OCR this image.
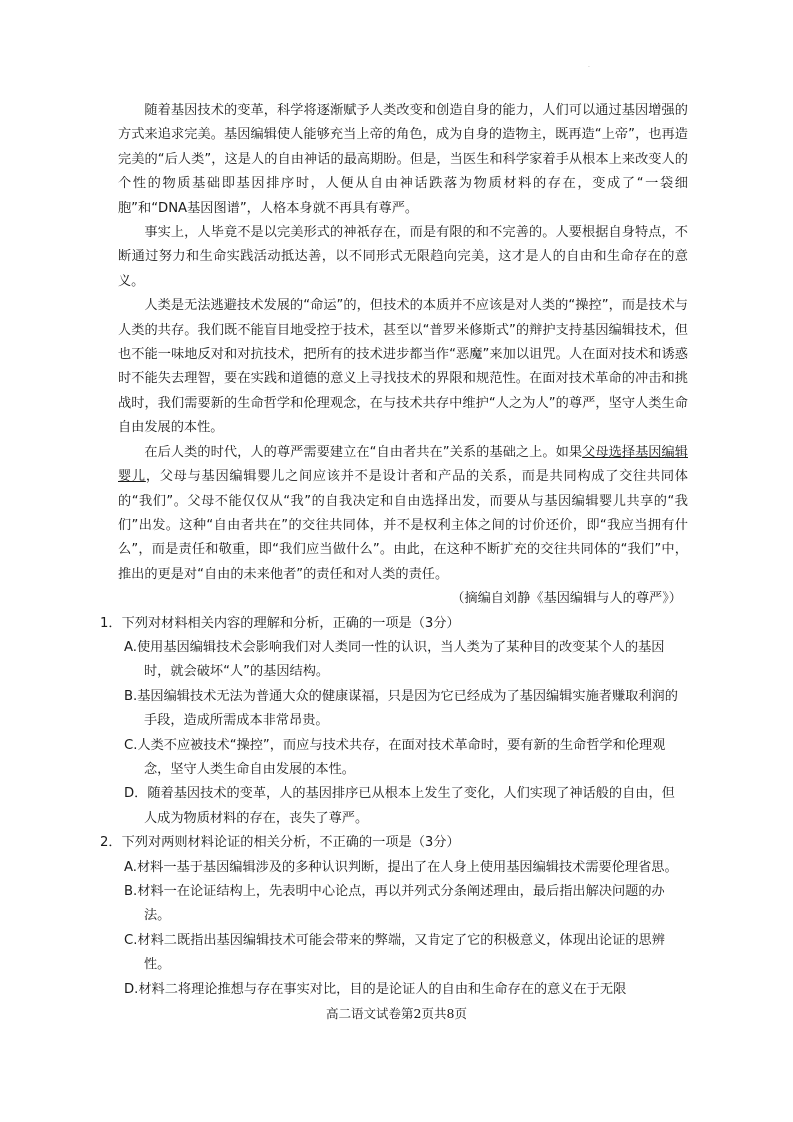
.

随着基因技术的变革，科学将逐渐赋予人类改变和创造自身的能力，人们可以通过基因增强的方式来追求完美。基因编辑使人能够充当上帝的角色，成为自身的造物主，既再造“上帝”，也再造完美的“后人类”，这是人的自由神话的最高期盼。但是，当医生和科学家着手从根本上来改变人的个性的物质基础即基因排序时，人便从自由神话跌落为物质材料的存在，变成了“一袋细胞”和“DNA基因图谱”，人格本身就不再具有尊严。

事实上，人毕竟不是以完美形式的神祇存在，而是有限的和不完善的。人要根据自身特点，不断通过努力和生命实践活动抵达善，以不同形式无限趋向完美，这才是人的自由和生命存在的意义。

人类是无法逃避技术发展的“命运”的，但技术的本质并不应该是对人类的“操控”，而是技术与人类的共存。我们既不能盲目地受控于技术，甚至以“普罗米修斯式”的辩护支持基因编辑技术，但也不能一味地反对和对抗技术，把所有的技术进步都当作“恶魔”来加以诅咒。人在面对技术和诱惑时不能失去理智，要在实践和道德的意义上寻找技术的界限和规范性。在面对技术革命的冲击和挑战时，我们需要新的生命哲学和伦理观念，在与技术共存中维护“人之为人”的尊严，坚守人类生命自由发展的本性。

在后人类的时代，人的尊严需要建立在“自由者共在”关系的基础之上。如果父母选择基因编辑婴儿，父母与基因编辑婴儿之间应该并不是设计者和产品的关系，而是共同构成了交往共同体的“我们”。父母不能仅仅从“我”的自我决定和自由选择出发，而要从与基因编辑婴儿共享的“我们”出发。这种“自由者共在”的交往共同体，并不是权利主体之间的讨价还价，即“我应当拥有什么”，而是责任和敬重，即“我们应当做什么”。由此，在这种不断扩充的交往共同体的“我们”中，推出的更是对“自由的未来他者”的责任和对人类的责任。

（摘编自刘静《基因编辑与人的尊严》）

1．下列对材料相关内容的理解和分析，正确的一项是（3分）

A.使用基因编辑技术会影响我们对人类同一性的认识，当人类为了某种目的改变某个人的基因时，就会破坏“人”的基因结构。

B.基因编辑技术无法为普通大众的健康谋福，只是因为它已经成为了基因编辑实施者赚取利润的手段，造成所需成本非常昂贵。

C.人类不应被技术“操控”，而应与技术共存，在面对技术革命时，要有新的生命哲学和伦理观念，坚守人类生命自由发展的本性。

D．随着基因技术的变革，人的基因排序已从根本上发生了变化，人们实现了神话般的自由，但人成为物质材料的存在，丧失了尊严。

2．下列对两则材料论证的相关分析，不正确的一项是（3分）

A.材料一基于基因编辑涉及的多种认识判断，提出了在人身上使用基因编辑技术需要伦理省思。

B.材料一在论证结构上，先表明中心论点，再以并列式分条阐述理由，最后指出解决问题的办法。

C.材料二既指出基因编辑技术可能会带来的弊端，又肯定了它的积极意义，体现出论证的思辨性。

D.材料二将理论推想与存在事实对比，目的是论证人的自由和生命存在的意义在于无限

高二语文试卷第2页共8页
